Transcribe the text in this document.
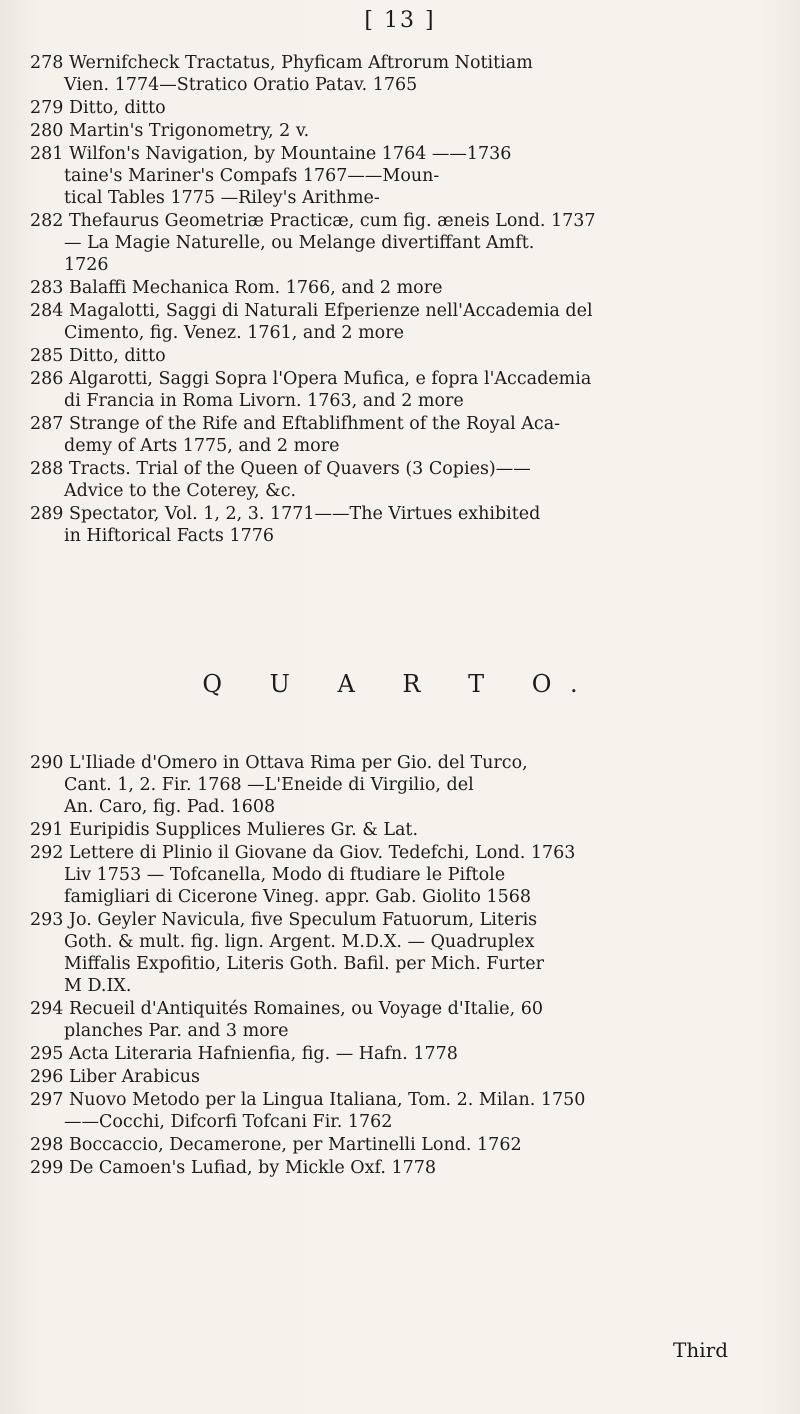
[ 13 ]
278 Wernifcheck Tractatus, Phyficam Aftrorum Notitiam
Vien. 1774—Stratico Oratio Patav. 1765
279 Ditto, ditto
280 Martin's Trigonometry, 2 v.
281 Wilfon's Navigation, by Mountaine 1764 ——1736
taine's Mariner's Compafs 1767——Moun-
tical Tables 1775 —Riley's Arithme-
282 Thefaurus Geometriæ Practicæ, cum fig. æneis Lond. 1737
— La Magie Naturelle, ou Melange divertiffant Amft.
1726
283 Balaffi Mechanica Rom. 1766, and 2 more
284 Magalotti, Saggi di Naturali Efperienze nell'Accademia del
Cimento, fig. Venez. 1761, and 2 more
285 Ditto, ditto
286 Algarotti, Saggi Sopra l'Opera Mufica, e fopra l'Accademia
di Francia in Roma Livorn. 1763, and 2 more
287 Strange of the Rife and Eftablifhment of the Royal Aca-
demy of Arts 1775, and 2 more
288 Tracts. Trial of the Queen of Quavers (3 Copies)——
Advice to the Coterey, &c.
289 Spectator, Vol. 1, 2, 3. 1771——The Virtues exhibited
in Hiftorical Facts 1776
Q U A R T O.
290 L'Iliade d'Omero in Ottava Rima per Gio. del Turco,
Cant. 1, 2. Fir. 1768 —L'Eneide di Virgilio, del
An. Caro, fig. Pad. 1608
291 Euripidis Supplices Mulieres Gr. & Lat.
292 Lettere di Plinio il Giovane da Giov. Tedefchi, Lond. 1763
Liv 1753 — Tofcanella, Modo di ftudiare le Piftole
famigliari di Cicerone Vineg. appr. Gab. Giolito 1568
293 Jo. Geyler Navicula, five Speculum Fatuorum, Literis
Goth. & mult. fig. lign. Argent. M.D.X. — Quadruplex
Miffalis Expofitio, Literis Goth. Bafil. per Mich. Furter
M D.IX.
294 Recueil d'Antiquités Romaines, ou Voyage d'Italie, 60
planches Par. and 3 more
295 Acta Literaria Hafnienfia, fig. — Hafn. 1778
296 Liber Arabicus
297 Nuovo Metodo per la Lingua Italiana, Tom. 2. Milan. 1750
——Cocchi, Difcorfi Tofcani Fir. 1762
298 Boccaccio, Decamerone, per Martinelli Lond. 1762
299 De Camoen's Lufiad, by Mickle Oxf. 1778
Third
